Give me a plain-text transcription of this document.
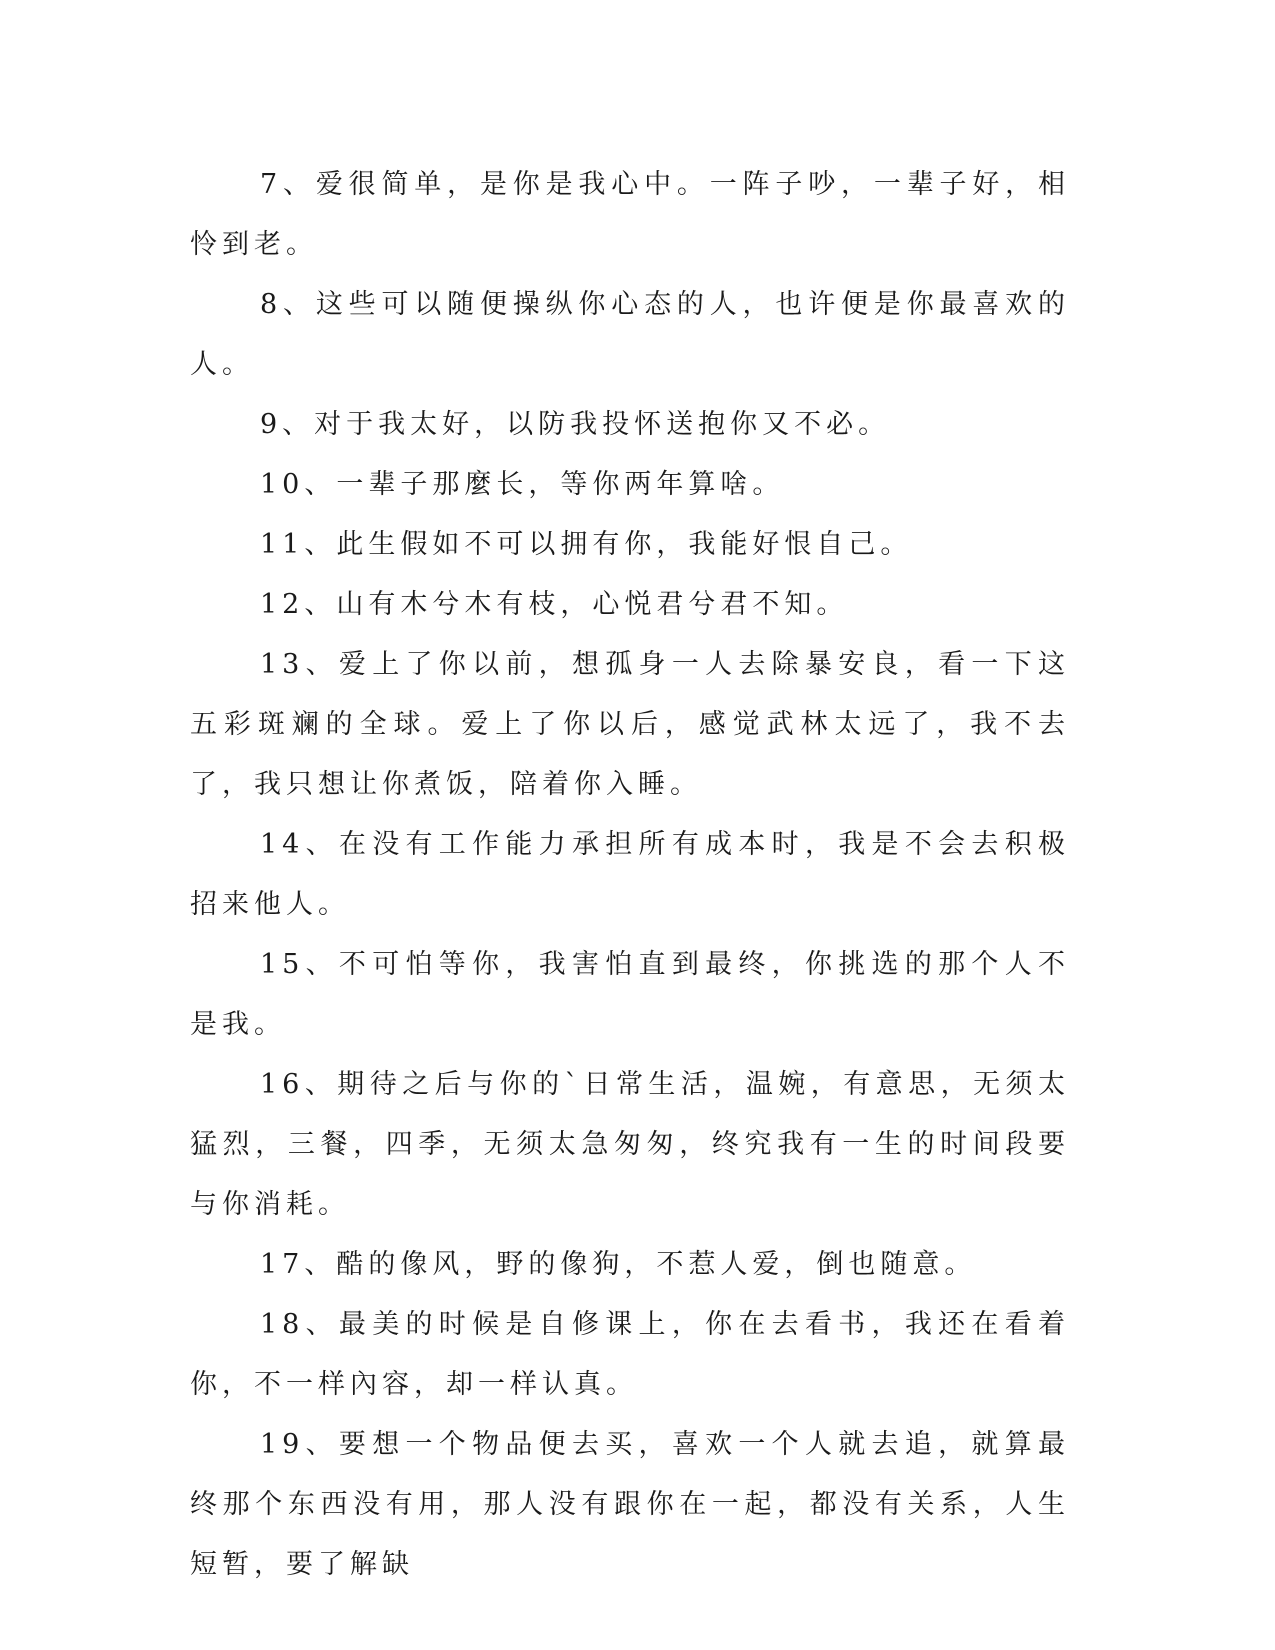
7、爱很简单，是你是我心中。一阵子吵，一辈子好，相怜到老。

8、这些可以随便操纵你心态的人，也许便是你最喜欢的人。

9、对于我太好，以防我投怀送抱你又不必。

10、一辈子那麼长，等你两年算啥。

11、此生假如不可以拥有你，我能好恨自己。

12、山有木兮木有枝，心悦君兮君不知。

13、爱上了你以前，想孤身一人去除暴安良，看一下这五彩斑斓的全球。爱上了你以后，感觉武林太远了，我不去了，我只想让你煮饭，陪着你入睡。

14、在没有工作能力承担所有成本时，我是不会去积极招来他人。

15、不可怕等你，我害怕直到最终，你挑选的那个人不是我。

16、期待之后与你的`日常生活，温婉，有意思，无须太猛烈，三餐，四季，无须太急匆匆，终究我有一生的时间段要与你消耗。

17、酷的像风，野的像狗，不惹人爱，倒也随意。

18、最美的时候是自修课上，你在去看书，我还在看着你，不一样內容，却一样认真。

19、要想一个物品便去买，喜欢一个人就去追，就算最终那个东西没有用，那人没有跟你在一起，都没有关系，人生短暂，要了解缺
